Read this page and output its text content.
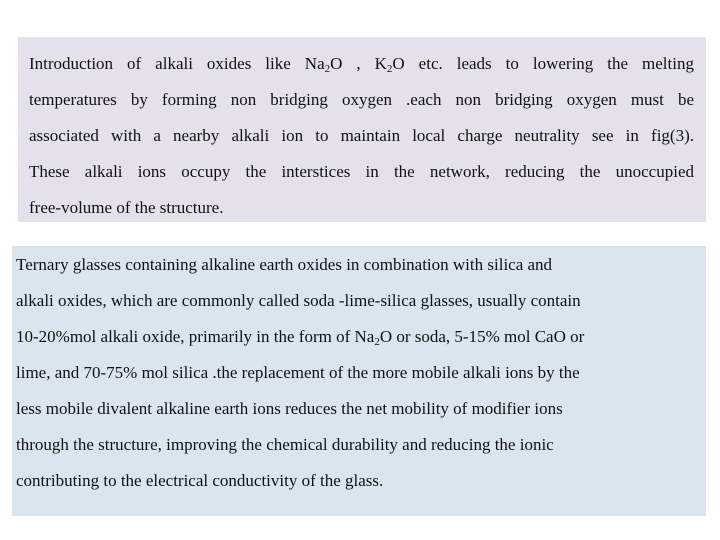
Introduction of alkali oxides like $Na_2O$ , $K_2O$ etc. leads to lowering the melting
temperatures by forming non bridging oxygen .each non bridging oxygen must be
associated with a nearby alkali ion to maintain local charge neutrality see in fig(3).
These alkali ions occupy the interstices in the network, reducing the unoccupied
free-volume of the structure.
Ternary glasses containing alkaline earth oxides in combination with silica and
alkali oxides, which are commonly called soda -lime-silica glasses, usually contain
10-20%mol alkali oxide, primarily in the form of $Na_2O$ or soda, 5-15% mol CaO or
lime, and 70-75% mol silica .the replacement of the more mobile alkali ions by the
less mobile divalent alkaline earth ions reduces the net mobility of modifier ions
through the structure, improving the chemical durability and reducing the ionic
contributing to the electrical conductivity of the glass.
